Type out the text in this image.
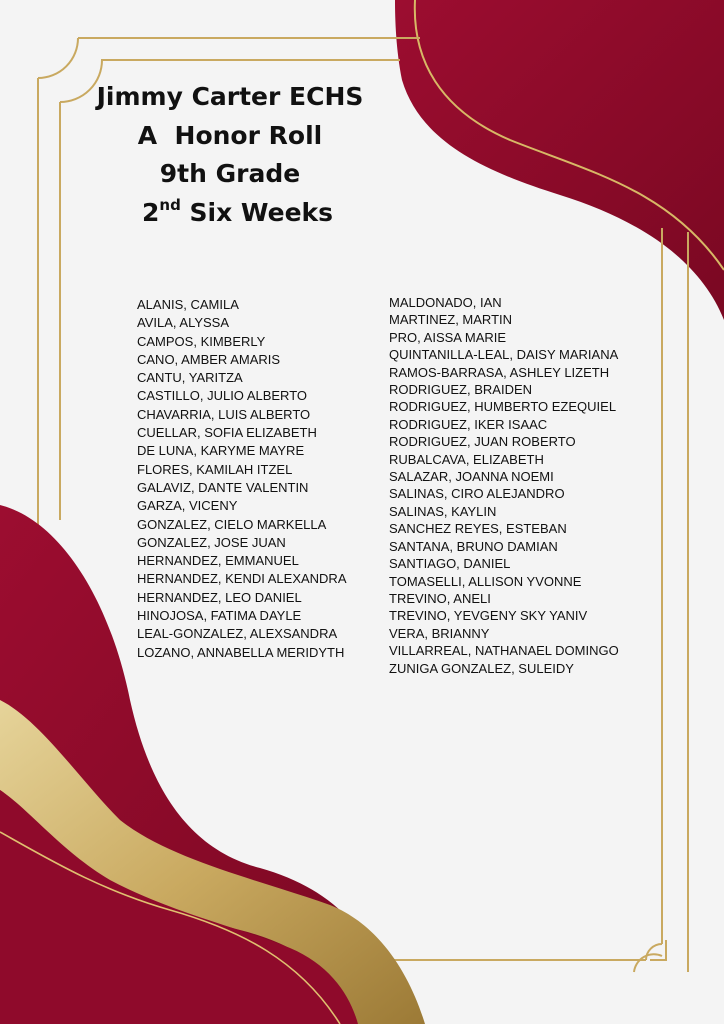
Jimmy Carter ECHS
A  Honor Roll
9th Grade
2nd Six Weeks
ALANIS, CAMILA
AVILA, ALYSSA
CAMPOS, KIMBERLY
CANO, AMBER AMARIS
CANTU, YARITZA
CASTILLO, JULIO ALBERTO
CHAVARRIA, LUIS ALBERTO
CUELLAR, SOFIA ELIZABETH
DE LUNA, KARYME MAYRE
FLORES, KAMILAH ITZEL
GALAVIZ, DANTE VALENTIN
GARZA, VICENY
GONZALEZ, CIELO MARKELLA
GONZALEZ, JOSE JUAN
HERNANDEZ, EMMANUEL
HERNANDEZ, KENDI ALEXANDRA
HERNANDEZ, LEO DANIEL
HINOJOSA, FATIMA DAYLE
LEAL-GONZALEZ, ALEXSANDRA
LOZANO, ANNABELLA MERIDYTH
MALDONADO, IAN
MARTINEZ, MARTIN
PRO, AISSA MARIE
QUINTANILLA-LEAL, DAISY MARIANA
RAMOS-BARRASA, ASHLEY LIZETH
RODRIGUEZ, BRAIDEN
RODRIGUEZ, HUMBERTO EZEQUIEL
RODRIGUEZ, IKER ISAAC
RODRIGUEZ, JUAN ROBERTO
RUBALCAVA, ELIZABETH
SALAZAR, JOANNA NOEMI
SALINAS, CIRO ALEJANDRO
SALINAS, KAYLIN
SANCHEZ REYES, ESTEBAN
SANTANA, BRUNO DAMIAN
SANTIAGO, DANIEL
TOMASELLI, ALLISON YVONNE
TREVINO, ANELI
TREVINO, YEVGENY SKY YANIV
VERA, BRIANNY
VILLARREAL, NATHANAEL DOMINGO
ZUNIGA GONZALEZ, SULEIDY
